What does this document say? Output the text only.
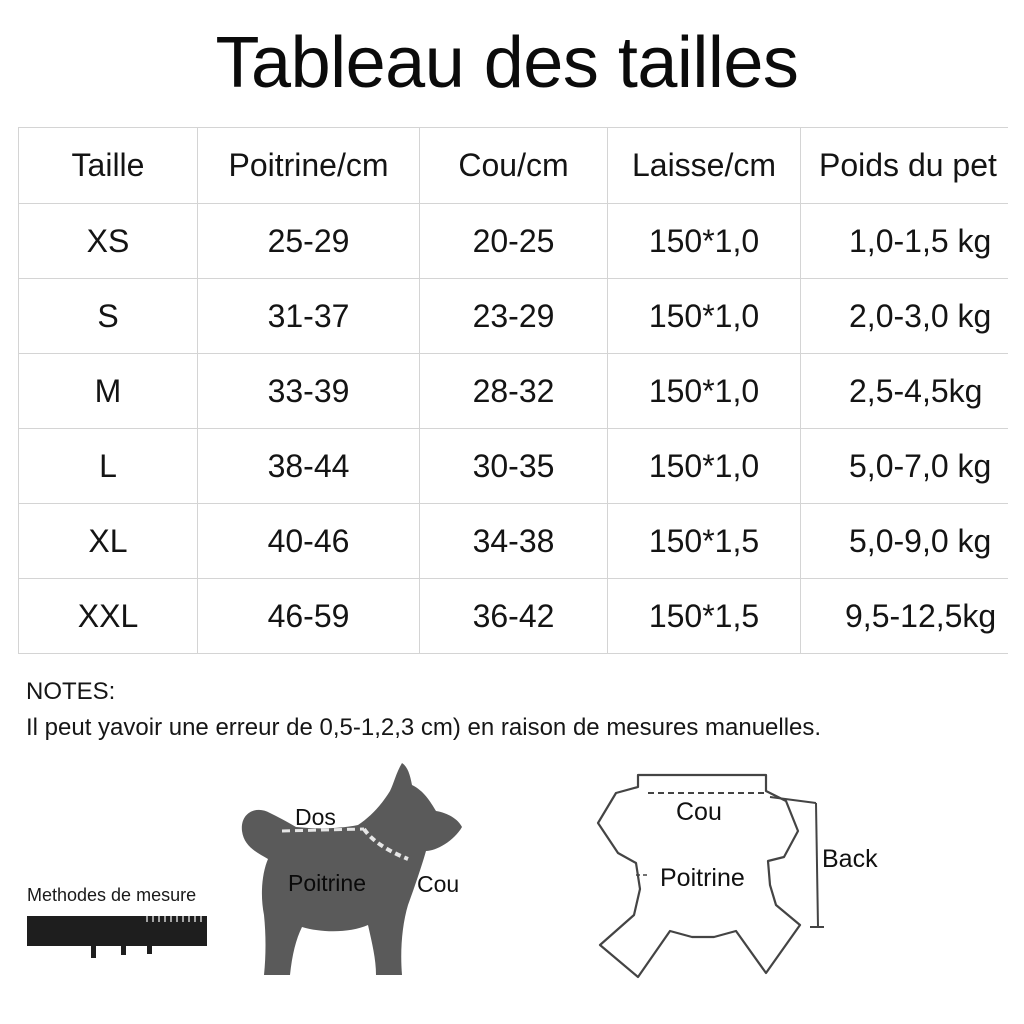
Tableau des tailles
Taille	Poitrine/cm	Cou/cm	Laisse/cm	Poids du pet
XS	25-29	20-25	150*1,0	1,0-1,5 kg
S	31-37	23-29	150*1,0	2,0-3,0 kg
M	33-39	28-32	150*1,0	2,5-4,5kg
L	38-44	30-35	150*1,0	5,0-7,0 kg
XL	40-46	34-38	150*1,5	5,0-9,0 kg
XXL	46-59	36-42	150*1,5	9,5-12,5kg
NOTES:
Il peut yavoir une erreur de 0,5-1,2,3 cm) en raison de mesures manuelles.
Methodes de mesure
Dos
Poitrine Cou
Cou
Poitrine
Back
